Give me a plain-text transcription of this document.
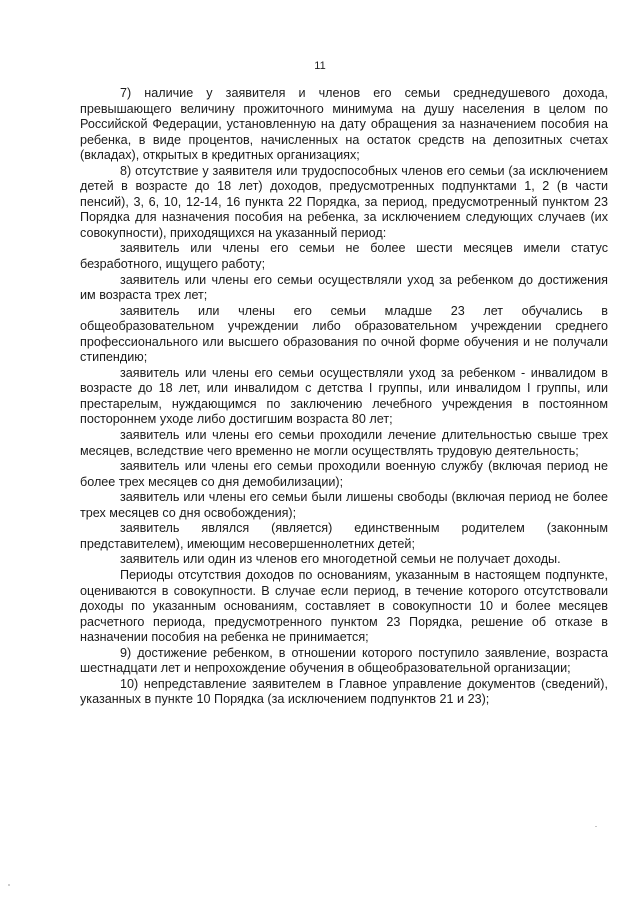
11

7) наличие у заявителя и членов его семьи среднедушевого дохода, превышающего величину прожиточного минимума на душу населения в целом по Российской Федерации, установленную на дату обращения за назначением пособия на ребенка, в виде процентов, начисленных на остаток средств на депозитных счетах (вкладах), открытых в кредитных организациях;

8) отсутствие у заявителя или трудоспособных членов его семьи (за исключением детей в возрасте до 18 лет) доходов, предусмотренных подпунктами 1, 2 (в части пенсий), 3, 6, 10, 12-14, 16 пункта 22 Порядка, за период, предусмотренный пунктом 23 Порядка для назначения пособия на ребенка, за исключением следующих случаев (их совокупности), приходящихся на указанный период:

заявитель или члены его семьи не более шести месяцев имели статус безработного, ищущего работу;

заявитель или члены его семьи осуществляли уход за ребенком до достижения им возраста трех лет;

заявитель или члены его семьи младше 23 лет обучались в общеобразовательном учреждении либо образовательном учреждении среднего профессионального или высшего образования по очной форме обучения и не получали стипендию;

заявитель или члены его семьи осуществляли уход за ребенком - инвалидом в возрасте до 18 лет, или инвалидом с детства I группы, или инвалидом I группы, или престарелым, нуждающимся по заключению лечебного учреждения в постоянном постороннем уходе либо достигшим возраста 80 лет;

заявитель или члены его семьи проходили лечение длительностью свыше трех месяцев, вследствие чего временно не могли осуществлять трудовую деятельность;

заявитель или члены его семьи проходили военную службу (включая период не более трех месяцев со дня демобилизации);

заявитель или члены его семьи были лишены свободы (включая период не более трех месяцев со дня освобождения);

заявитель являлся (является) единственным родителем (законным представителем), имеющим несовершеннолетних детей;

заявитель или один из членов его многодетной семьи не получает доходы.

Периоды отсутствия доходов по основаниям, указанным в настоящем подпункте, оцениваются в совокупности. В случае если период, в течение которого отсутствовали доходы по указанным основаниям, составляет в совокупности 10 и более месяцев расчетного периода, предусмотренного пунктом 23 Порядка, решение об отказе в назначении пособия на ребенка не принимается;

9) достижение ребенком, в отношении которого поступило заявление, возраста шестнадцати лет и непрохождение обучения в общеобразовательной организации;

10) непредставление заявителем в Главное управление документов (сведений), указанных в пункте 10 Порядка (за исключением подпунктов 21 и 23);
